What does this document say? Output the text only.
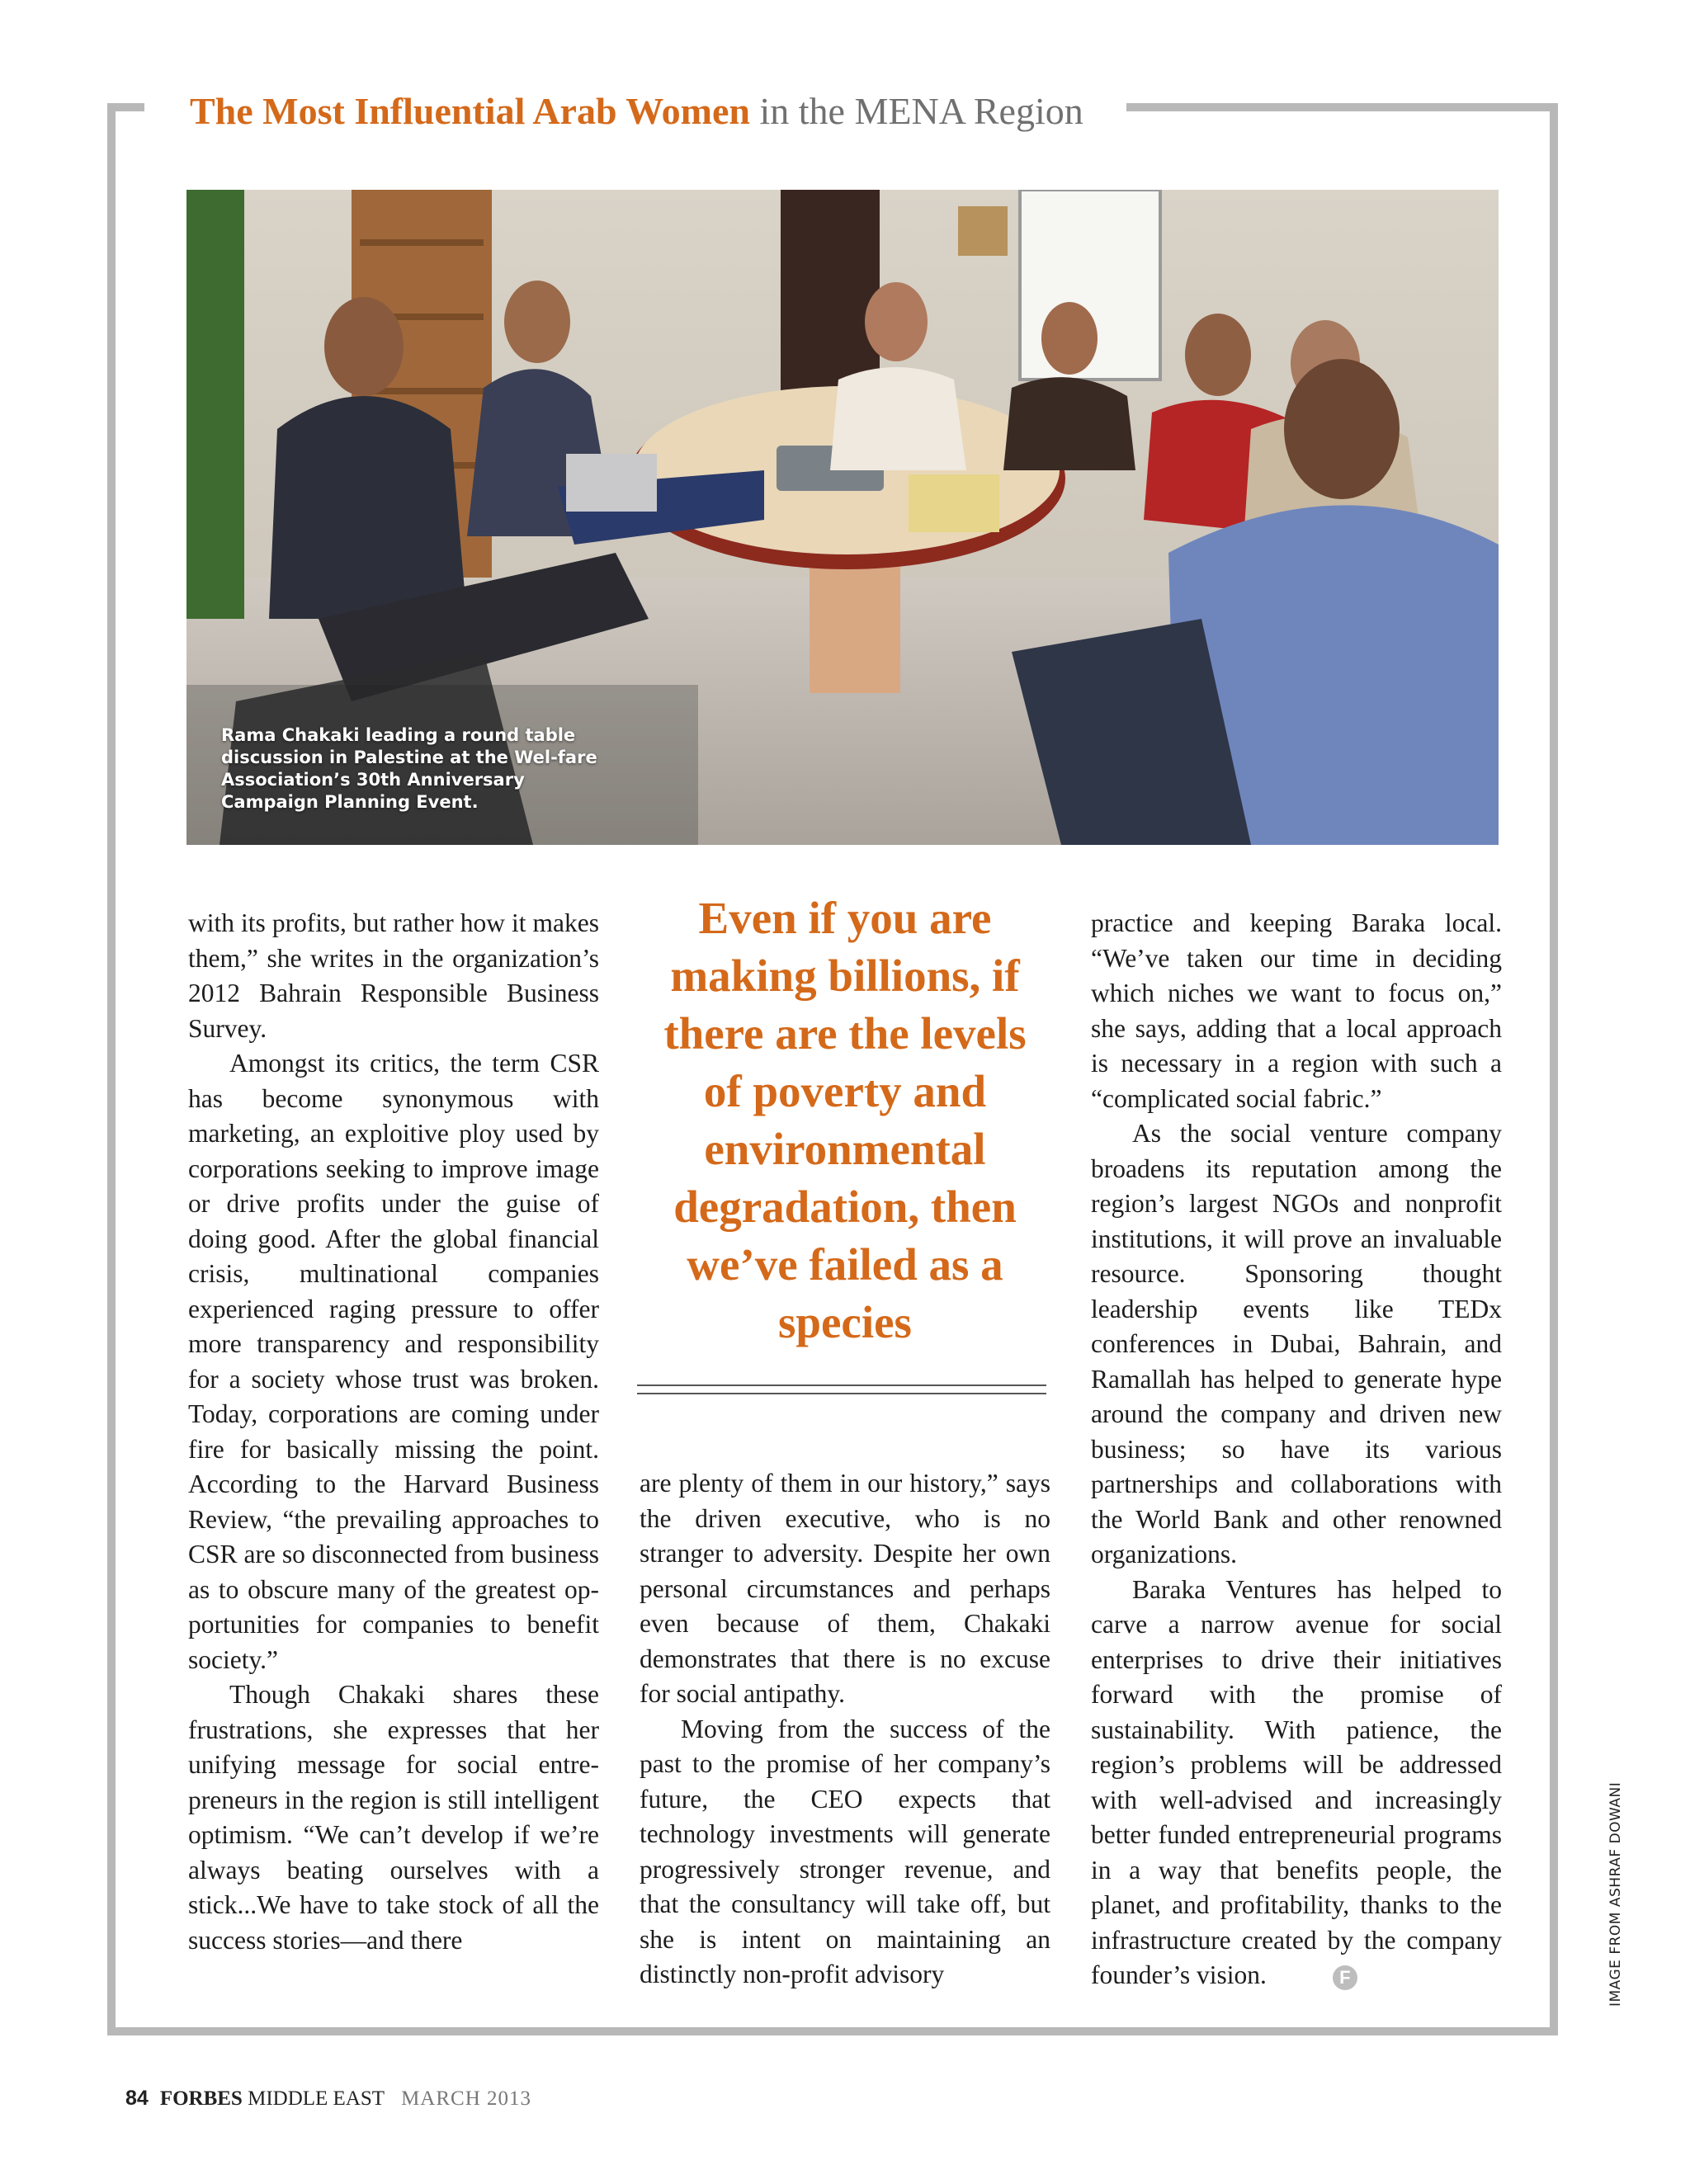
The Most Influential Arab Women in the MENA Region

Rama Chakaki leading a round table discussion in Palestine at the Wel-fare Association’s 30th Anniversary Campaign Planning Event.

with its profits, but rather how it makes them,” she writes in the organization’s 2012 Bahrain Responsible Business Survey.

Amongst its critics, the term CSR has become synonymous with marketing, an exploitive ploy used by corporations seeking to improve image or drive profits under the guise of doing good. After the global financial crisis, multinational companies experienced raging pressure to offer more transparency and responsibility for a society whose trust was broken. Today, corporations are coming under fire for basically missing the point. According to the Harvard Business Review, “the prevailing approaches to CSR are so disconnected from business as to obscure many of the greatest opportunities for companies to benefit society.”

Though Chakaki shares these frustrations, she expresses that her unifying message for social entrepreneurs in the region is still intelligent optimism. “We can’t develop if we’re always beating ourselves with a stick...We have to take stock of all the success stories—and there

Even if you are making billions, if there are the levels of poverty and environmental degradation, then we’ve failed as a species

are plenty of them in our history,” says the driven executive, who is no stranger to adversity. Despite her own personal circumstances and perhaps even because of them, Chakaki demonstrates that there is no excuse for social antipathy.

Moving from the success of the past to the promise of her company’s future, the CEO expects that technology investments will generate progressively stronger revenue, and that the consultancy will take off, but she is intent on maintaining an distinctly non-profit advisory

practice and keeping Baraka local. “We’ve taken our time in deciding which niches we want to focus on,” she says, adding that a local approach is necessary in a region with such a “complicated social fabric.”

As the social venture company broadens its reputation among the region’s largest NGOs and nonprofit institutions, it will prove an invaluable resource. Sponsoring thought leadership events like TEDx conferences in Dubai, Bahrain, and Ramallah has helped to generate hype around the company and driven new business; so have its various partnerships and collaborations with the World Bank and other renowned organizations.

Baraka Ventures has helped to carve a narrow avenue for social enterprises to drive their initiatives forward with the promise of sustainability. With patience, the region’s problems will be addressed with well-advised and increasingly better funded entrepreneurial programs in a way that benefits people, the planet, and profitability, thanks to the infrastructure created by the company founder’s vision.	F	IMAGE FROM ASHRAF DOWANI

84 FORBES MIDDLE EAST MARCH 2013
